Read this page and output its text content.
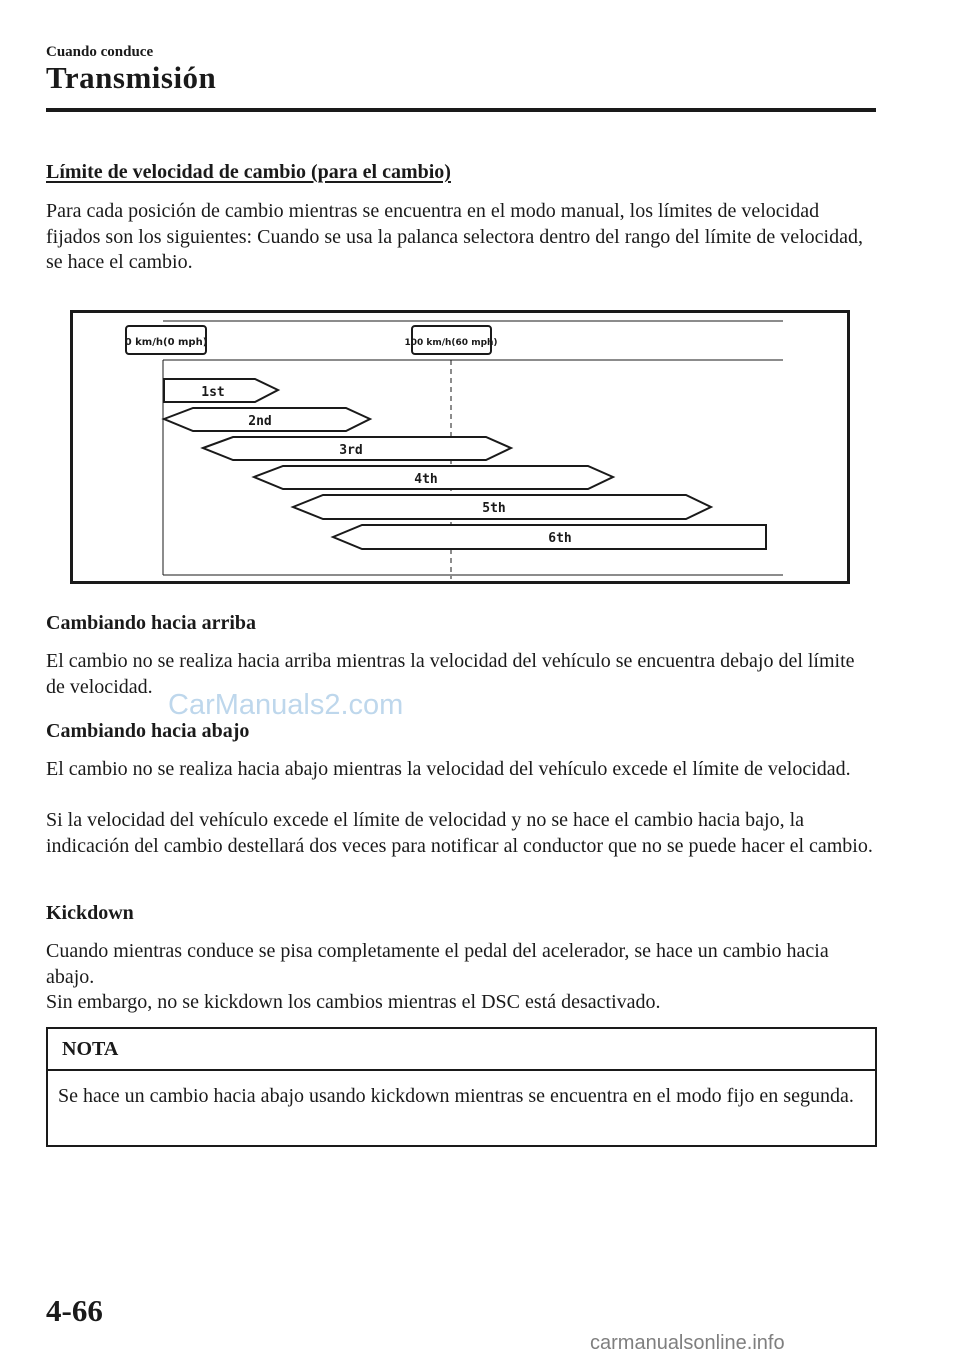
Cuando conduce
Transmisión
Límite de velocidad de cambio (para el cambio)

Para cada posición de cambio mientras se encuentra en el modo manual, los límites de velocidad fijados son los siguientes: Cuando se usa la palanca selectora dentro del rango del límite de velocidad, se hace el cambio.

0 km/h(0 mph)	100 km/h(60 mph)
1st
2nd
3rd
4th
5th
6th
Cambiando hacia arriba

El cambio no se realiza hacia arriba mientras la velocidad del vehículo se encuentra debajo del límite de velocidad.

Cambiando hacia abajo

El cambio no se realiza hacia abajo mientras la velocidad del vehículo excede el límite de velocidad.

Si la velocidad del vehículo excede el límite de velocidad y no se hace el cambio hacia bajo, la indicación del cambio destellará dos veces para notificar al conductor que no se puede hacer el cambio.

Kickdown

Cuando mientras conduce se pisa completamente el pedal del acelerador, se hace un cambio hacia abajo.

Sin embargo, no se kickdown los cambios mientras el DSC está desactivado.

NOTA

Se hace un cambio hacia abajo usando kickdown mientras se encuentra en el modo fijo en segunda.

CarManuals2.com
4-66
carmanualsonline.info
